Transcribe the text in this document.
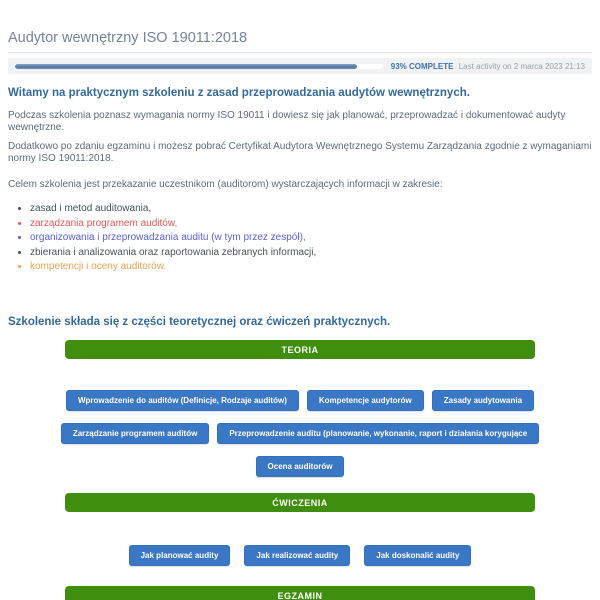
Audytor wewnętrzny ISO 19011:2018
93% COMPLETE Last activity on 2 marca 2023 21:13
Witamy na praktycznym szkoleniu z zasad przeprowadzania audytów wewnętrznych.

Podczas szkolenia poznasz wymagania normy ISO 19011 i dowiesz się jak planować, przeprowadzać i dokumentować audyty wewnętrzne.

Dodatkowo po zdaniu egzaminu i możesz pobrać Certyfikat Audytora Wewnętrznego Systemu Zarządzania zgodnie z wymaganiami normy ISO 19011:2018.

Celem szkolenia jest przekazanie uczestnikom (auditorom) wystarczających informacji w zakresie:

• zasad i metod auditowania,
• zarządzania programem auditów,
• organizowania i przeprowadzania auditu (w tym przez zespół),
• zbierania i analizowania oraz raportowania zebranych informacji,
• kompetencji i oceny auditorów.
Szkolenie składa się z części teoretycznej oraz ćwiczeń praktycznych.
TEORIA
Wprowadzenie do auditów (Definicje, Rodzaje auditów)	Kompetencje audytorów	Zasady audytowania
Zarządzanie programem auditów	Przeprowadzenie auditu (planowanie, wykonanie, raport i działania korygujące
Ocena auditorów
ĆWICZENIA
Jak planować audity	Jak realizować audity	Jak doskonalić audity
EGZAMIN
